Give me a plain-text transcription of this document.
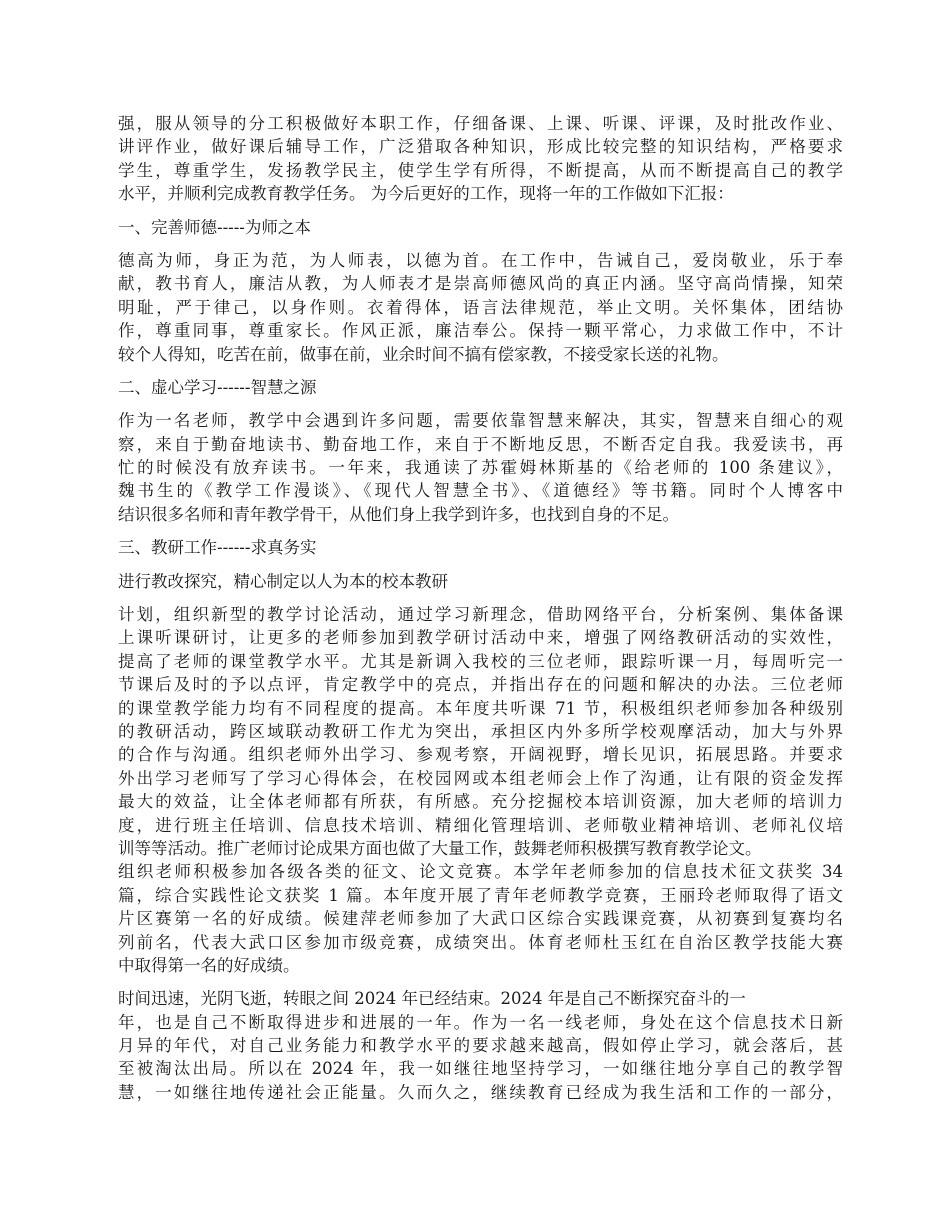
强，服从领导的分工积极做好本职工作，仔细备课、上课、听课、评课，及时批改作业、
讲评作业，做好课后辅导工作，广泛猎取各种知识，形成比较完整的知识结构，严格要求
学生，尊重学生，发扬教学民主，使学生学有所得，不断提高，从而不断提高自己的教学
水平，并顺利完成教育教学任务。 为今后更好的工作，现将一年的工作做如下汇报：
一、完善师德-----为师之本
德高为师，身正为范，为人师表，以德为首。在工作中，告诫自己，爱岗敬业，乐于奉
献，教书育人，廉洁从教，为人师表才是崇高师德风尚的真正内涵。坚守高尚情操，知荣
明耻，严于律己，以身作则。衣着得体，语言法律规范，举止文明。关怀集体，团结协
作，尊重同事，尊重家长。作风正派，廉洁奉公。保持一颗平常心，力求做工作中，不计
较个人得知，吃苦在前，做事在前，业余时间不搞有偿家教，不接受家长送的礼物。
二、虚心学习------智慧之源
作为一名老师，教学中会遇到许多问题，需要依靠智慧来解决，其实，智慧来自细心的观
察，来自于勤奋地读书、勤奋地工作，来自于不断地反思，不断否定自我。我爱读书，再
忙的时候没有放弃读书。一年来，我通读了苏霍姆林斯基的《给老师的 100 条建议》，
魏书生的《教学工作漫谈》、《现代人智慧全书》、《道德经》等书籍。同时个人博客中
结识很多名师和青年教学骨干，从他们身上我学到许多，也找到自身的不足。
三、教研工作------求真务实
进行教改探究，精心制定以人为本的校本教研
计划，组织新型的教学讨论活动，通过学习新理念，借助网络平台，分析案例、集体备课
上课听课研讨，让更多的老师参加到教学研讨活动中来，增强了网络教研活动的实效性，
提高了老师的课堂教学水平。尤其是新调入我校的三位老师，跟踪听课一月，每周听完一
节课后及时的予以点评，肯定教学中的亮点，并指出存在的问题和解决的办法。三位老师
的课堂教学能力均有不同程度的提高。本年度共听课 71 节，积极组织老师参加各种级别
的教研活动，跨区域联动教研工作尤为突出，承担区内外多所学校观摩活动，加大与外界
的合作与沟通。组织老师外出学习、参观考察，开阔视野，增长见识，拓展思路。并要求
外出学习老师写了学习心得体会，在校园网或本组老师会上作了沟通，让有限的资金发挥
最大的效益，让全体老师都有所获，有所感。充分挖掘校本培训资源，加大老师的培训力
度，进行班主任培训、信息技术培训、精细化管理培训、老师敬业精神培训、老师礼仪培
训等等活动。推广老师讨论成果方面也做了大量工作，鼓舞老师积极撰写教育教学论文。
组织老师积极参加各级各类的征文、论文竞赛。本学年老师参加的信息技术征文获奖 34
篇，综合实践性论文获奖 1 篇。本年度开展了青年老师教学竞赛，王丽玲老师取得了语文
片区赛第一名的好成绩。候建萍老师参加了大武口区综合实践课竞赛，从初赛到复赛均名
列前名，代表大武口区参加市级竞赛，成绩突出。体育老师杜玉红在自治区教学技能大赛
中取得第一名的好成绩。
时间迅速，光阴飞逝，转眼之间 2024 年已经结束。2024 年是自己不断探究奋斗的一
年，也是自己不断取得进步和进展的一年。作为一名一线老师，身处在这个信息技术日新
月异的年代，对自己业务能力和教学水平的要求越来越高，假如停止学习，就会落后，甚
至被淘汰出局。所以在 2024 年，我一如继往地坚持学习，一如继往地分享自己的教学智
慧，一如继往地传递社会正能量。久而久之，继续教育已经成为我生活和工作的一部分，
